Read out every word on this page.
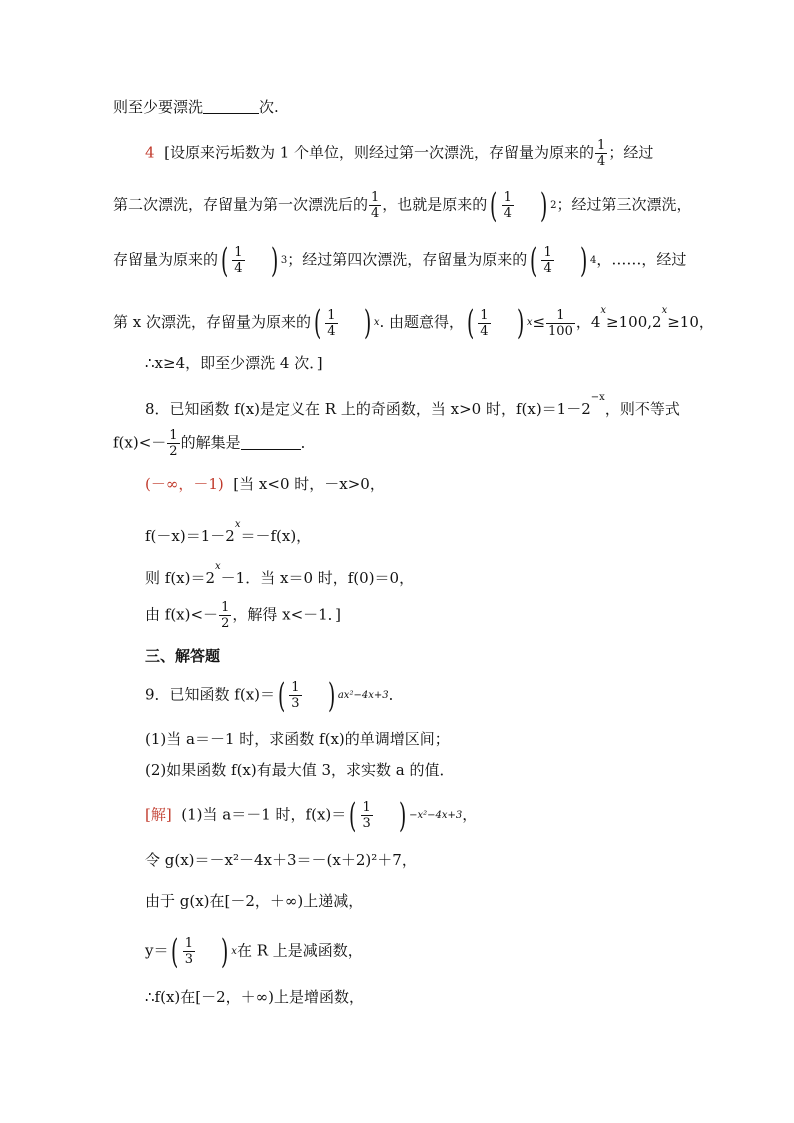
则至少要漂洗	次.
4 [设原来污垢数为 1 个单位，则经过第一次漂洗，存留量为原来的 $\frac{1}{4}$ ；经过
第二次漂洗，存留量为第一次漂洗后的 $\frac{1}{4}$ ，也就是原来的 ( $\frac{1}{4}$ ) 2 ；经过第三次漂洗，
存留量为原来的 ( $\frac{1}{4}$ ) 3 ；经过第四次漂洗，存留量为原来的 ( $\frac{1}{4}$ ) 4 ，……，经过
第 x 次漂洗，存留量为原来的 ( $\frac{1}{4}$ ) x . 由题意得， ( $\frac{1}{4}$ ) $x \le \frac{1}{100}$ ，$4^x\ge 100,2^x\ge 10$，
∴x≥4，即至少漂洗 4 次．]
8．已知函数 f(x)是定义在 R 上的奇函数，当 x>0 时，$f(x)=1-2^{-x}$，则不等式
$f(x)<- \frac{1}{2}$ 的解集是	．
(－∞，－1) [当 x<0 时，－x>0，
$f(-x)=1-2^x=-f(x)$，
则 $f(x)=2^x-1$．当 x＝0 时，f(0)＝0，
由 $f(x)<- \frac{1}{2}$ ，解得 x<－1．]
三、解答题
9．已知函数 f(x)＝ ( $\frac{1}{3}$ ) ax²−4x+3 ．
(1)当 a＝－1 时，求函数 f(x)的单调增区间；
(2)如果函数 f(x)有最大值 3，求实数 a 的值．
[解] (1)当 a＝－1 时，f(x)＝ ( $\frac{1}{3}$ ) −x²−4x+3 ，
令 g(x)＝－x²－4x＋3＝－(x＋2)²＋7，
由于 g(x)在[－2，＋∞)上递减，
y＝ ( $\frac{1}{3}$ ) x 在 R 上是减函数，
∴f(x)在[－2，＋∞)上是增函数，
